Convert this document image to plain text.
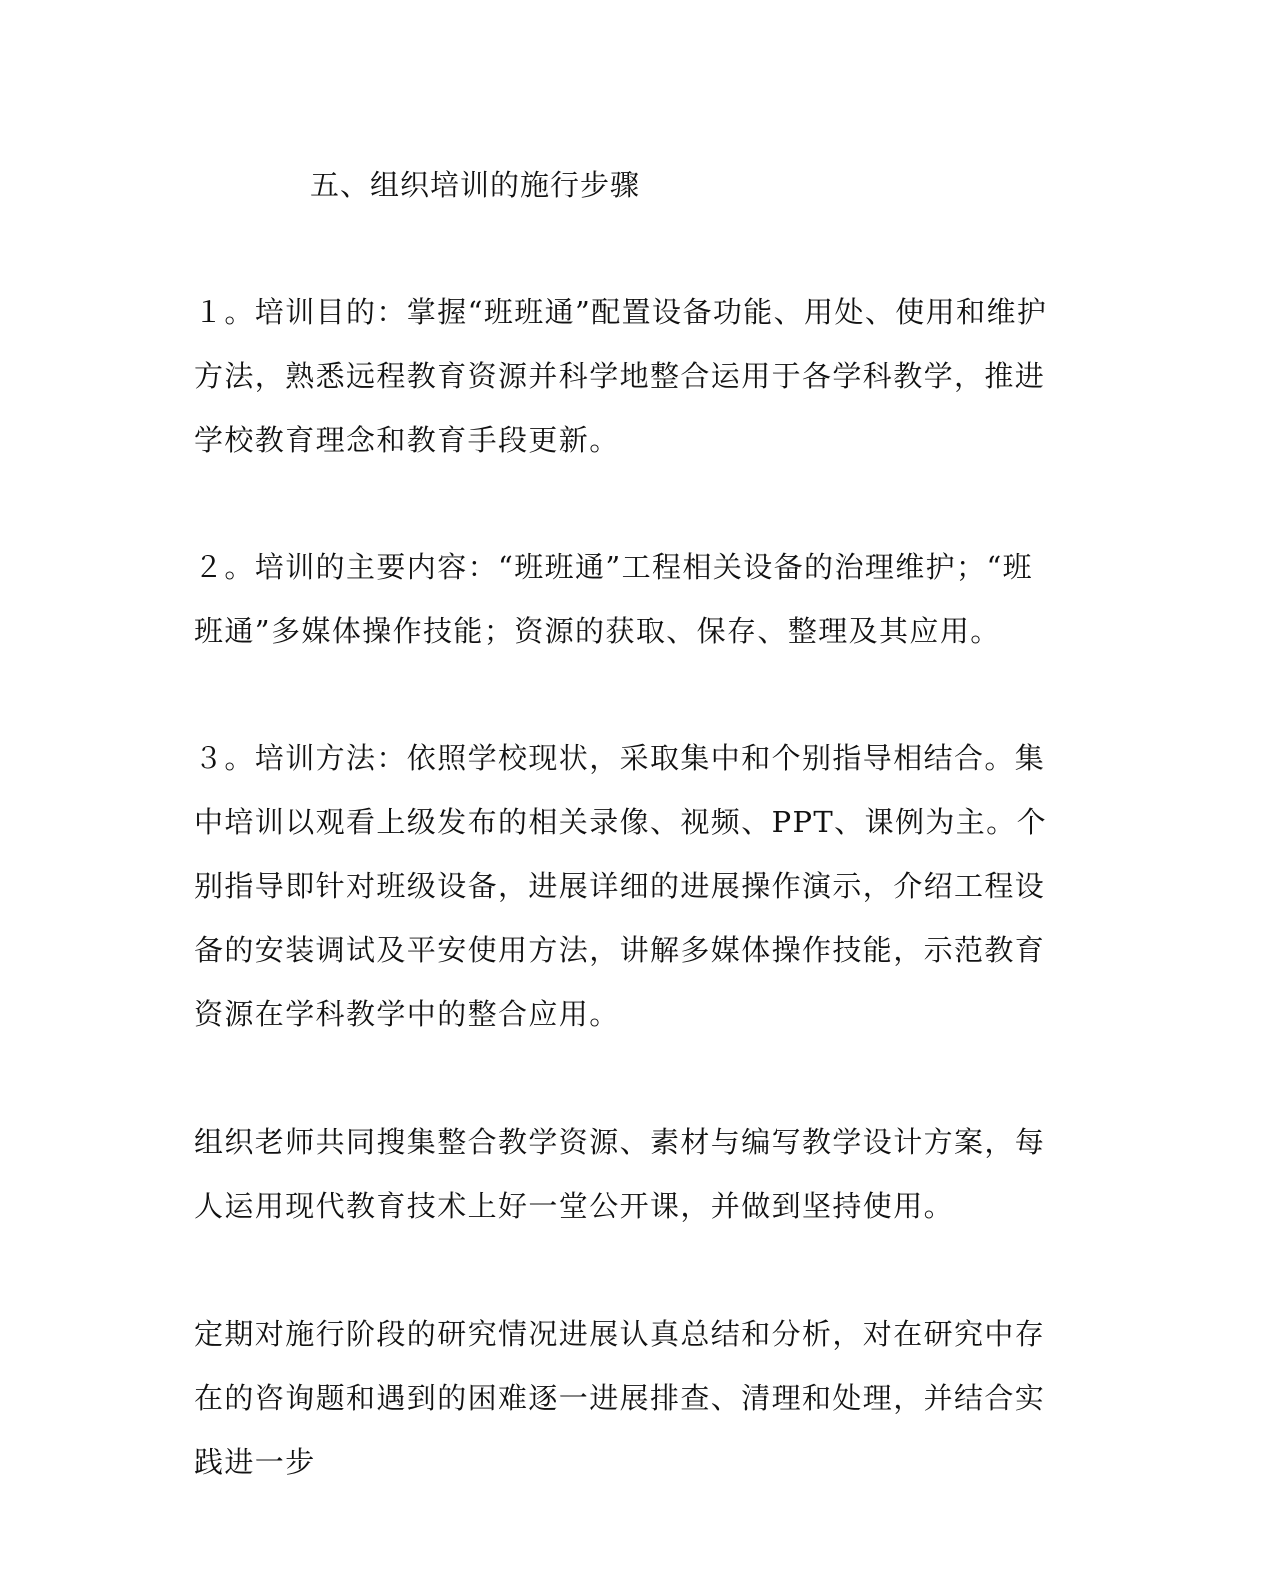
五、组织培训的施行步骤

１。培训目的：掌握“班班通”配置设备功能、用处、使用和维护方法，熟悉远程教育资源并科学地整合运用于各学科教学，推进学校教育理念和教育手段更新。

２。培训的主要内容：“班班通”工程相关设备的治理维护；“班班通”多媒体操作技能；资源的获取、保存、整理及其应用。

３。培训方法：依照学校现状，采取集中和个别指导相结合。集中培训以观看上级发布的相关录像、视频、PPT、课例为主。个别指导即针对班级设备，进展详细的进展操作演示，介绍工程设备的安装调试及平安使用方法，讲解多媒体操作技能，示范教育资源在学科教学中的整合应用。

组织老师共同搜集整合教学资源、素材与编写教学设计方案，每人运用现代教育技术上好一堂公开课，并做到坚持使用。

定期对施行阶段的研究情况进展认真总结和分析，对在研究中存在的咨询题和遇到的困难逐一进展排查、清理和处理，并结合实践进一步
